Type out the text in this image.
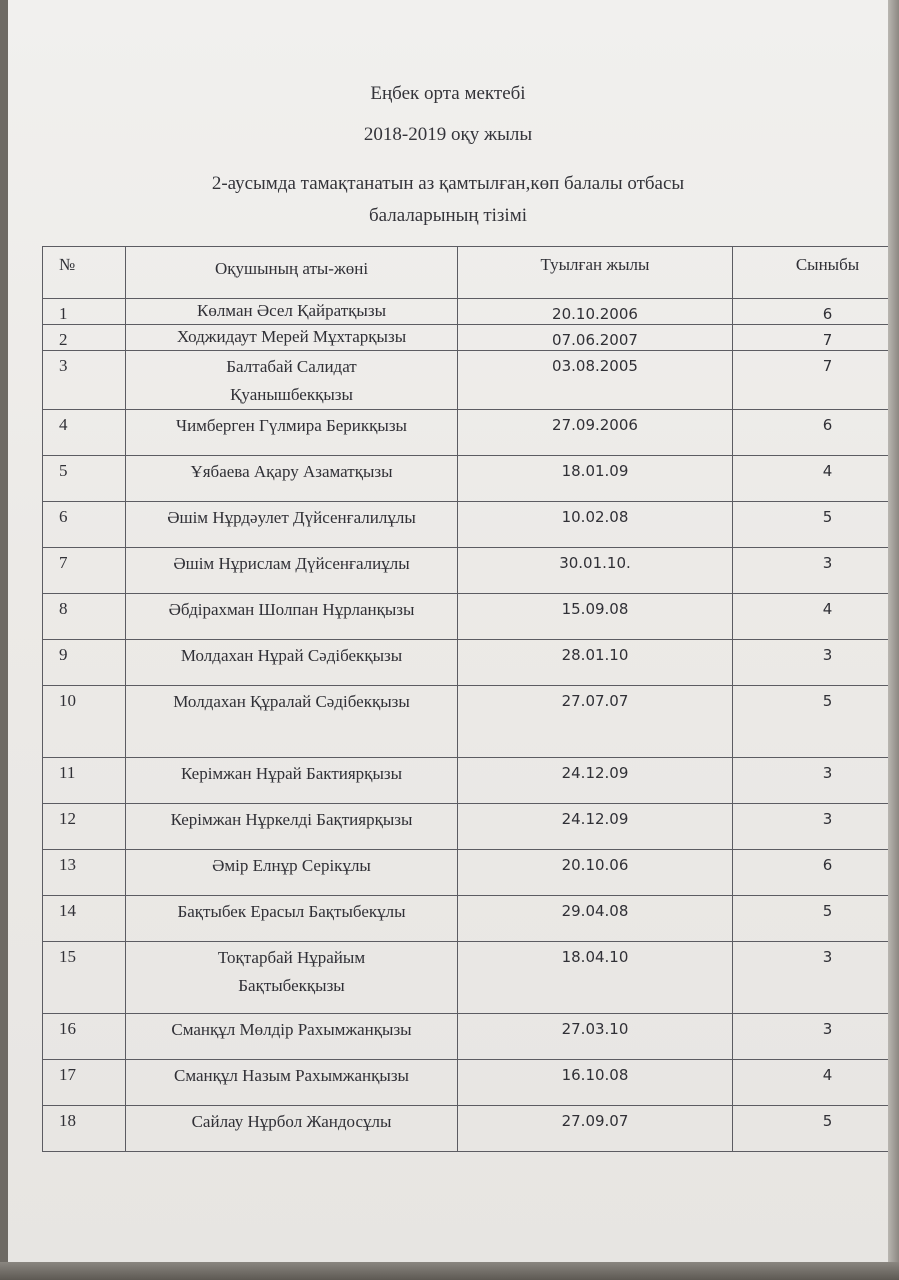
Еңбек орта мектебі
2018-2019 оқу жылы
2-аусымда тамақтанатын аз қамтылған,көп балалы отбасы
балаларының тізімі
№	Оқушының аты-жөні	Туылған жылы	Сыныбы
1	Көлман Әсел Қайратқызы	20.10.2006	6
2	Ходжидаут Мерей Мұхтарқызы	07.06.2007	7
3	Балтабай Салидат Қуанышбекқызы	03.08.2005	7
4	Чимберген Гүлмира Берикқызы	27.09.2006	6
5	Ұябаева Ақару Азаматқызы	18.01.09	4
6	Әшім Нұрдәулет Дүйсенғалилұлы	10.02.08	5
7	Әшім Нұрислам Дүйсенғалиұлы	30.01.10.	3
8	Әбдірахман Шолпан Нұрланқызы	15.09.08	4
9	Молдахан Нұрай Сәдібекқызы	28.01.10	3
10	Молдахан Құралай Сәдібекқызы	27.07.07	5
11	Керімжан Нұрай Бактиярқызы	24.12.09	3
12	Керімжан Нұркелді Бақтиярқызы	24.12.09	3
13	Әмір Елнұр Серікұлы	20.10.06	6
14	Бақтыбек Ерасыл Бақтыбекұлы	29.04.08	5
15	Тоқтарбай Нұрайым Бақтыбекқызы	18.04.10	3
16	Сманқұл Мөлдір Рахымжанқызы	27.03.10	3
17	Сманқұл Назым Рахымжанқызы	16.10.08	4
18	Сайлау Нұрбол Жандосұлы	27.09.07	5
